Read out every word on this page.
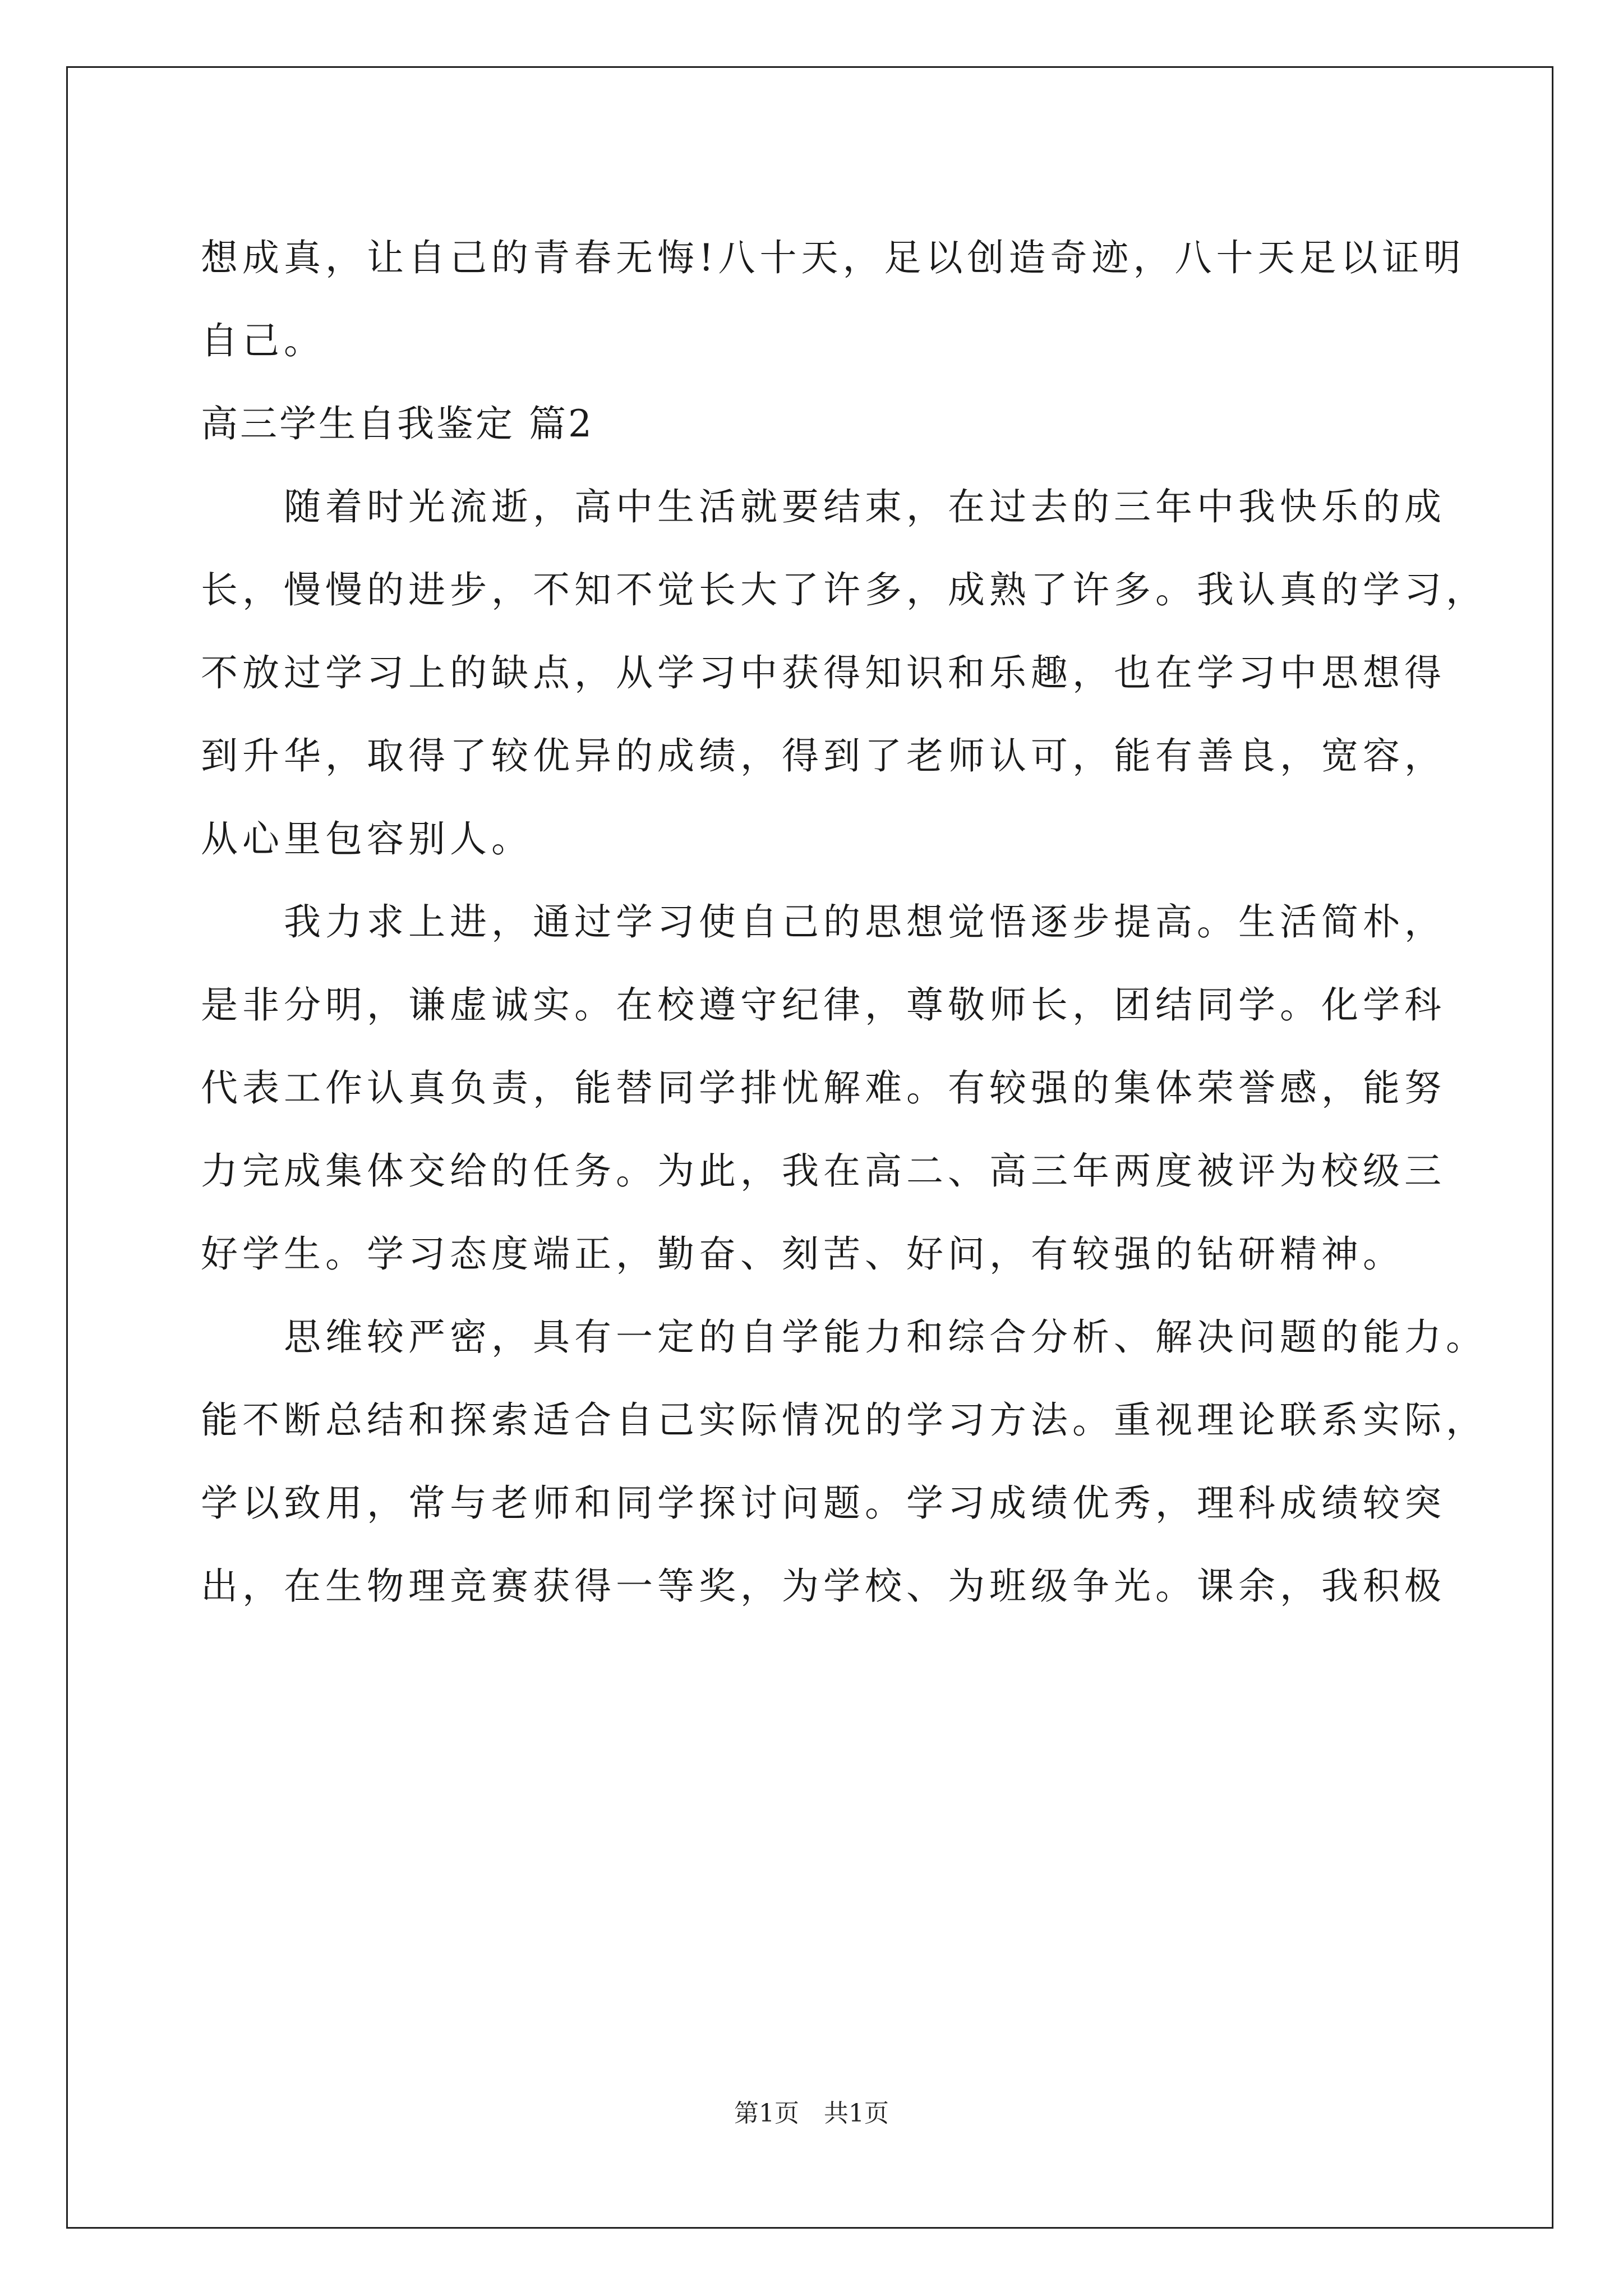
想成真，让自己的青春无悔!八十天，足以创造奇迹，八十天足以证明
自己。
高三学生自我鉴定 篇2
随着时光流逝，高中生活就要结束，在过去的三年中我快乐的成
长，慢慢的进步，不知不觉长大了许多，成熟了许多。我认真的学习，
不放过学习上的缺点，从学习中获得知识和乐趣，也在学习中思想得
到升华，取得了较优异的成绩，得到了老师认可，能有善良，宽容，
从心里包容别人。
我力求上进，通过学习使自己的思想觉悟逐步提高。生活简朴，
是非分明，谦虚诚实。在校遵守纪律，尊敬师长，团结同学。化学科
代表工作认真负责，能替同学排忧解难。有较强的集体荣誉感，能努
力完成集体交给的任务。为此，我在高二、高三年两度被评为校级三
好学生。学习态度端正，勤奋、刻苦、好问，有较强的钻研精神。
思维较严密，具有一定的自学能力和综合分析、解决问题的能力。
能不断总结和探索适合自己实际情况的学习方法。重视理论联系实际，
学以致用，常与老师和同学探讨问题。学习成绩优秀，理科成绩较突
出，在生物理竞赛获得一等奖，为学校、为班级争光。课余，我积极
第1页　共1页
